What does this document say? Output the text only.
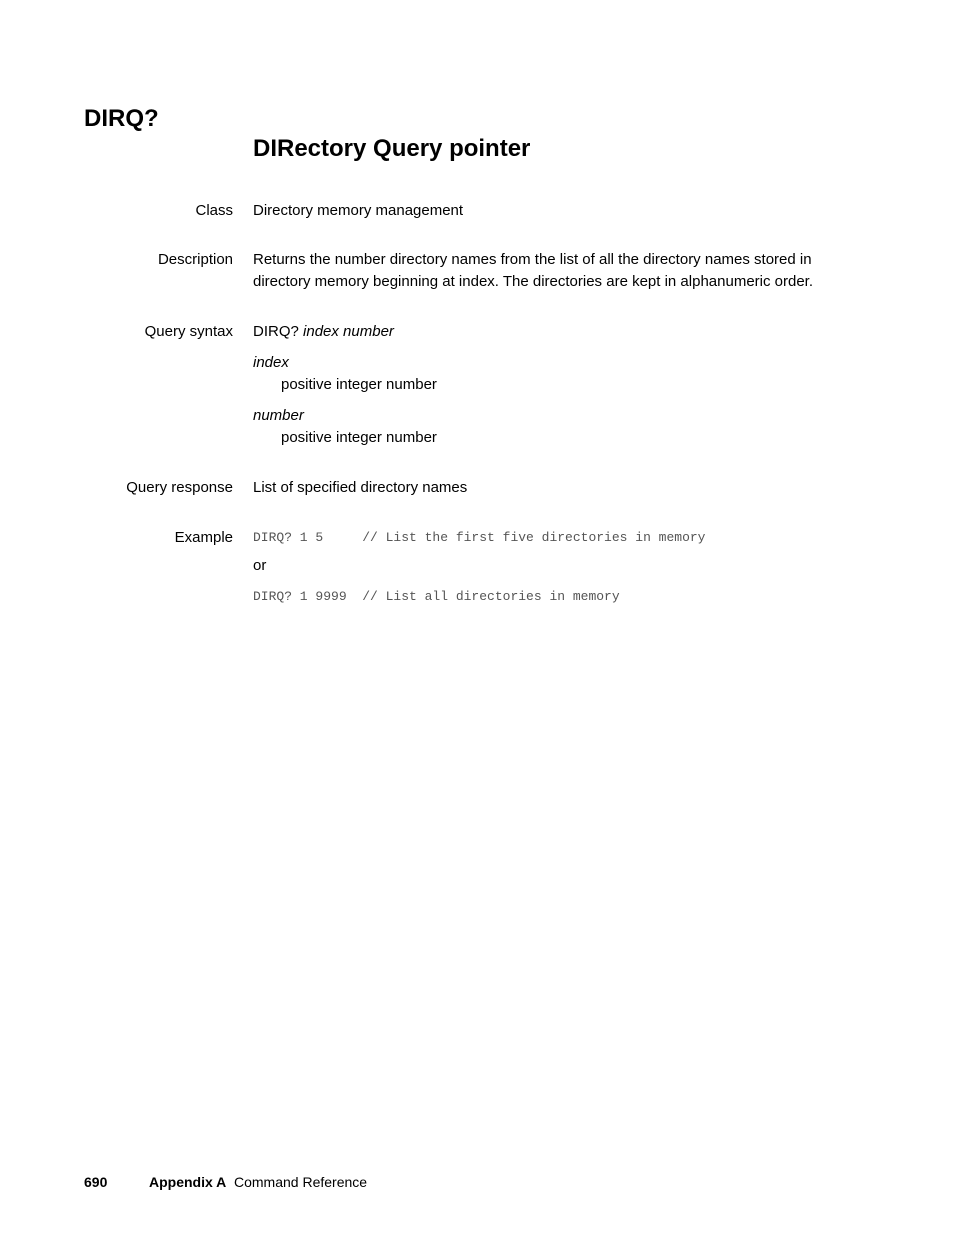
DIRQ?
DIRectory Query pointer
Class Directory memory management

Description Returns the number directory names from the list of all the directory names stored in directory memory beginning at index. The directories are kept in alphanumeric order.

Query syntax DIRQ? index number

index

positive integer number

number

positive integer number

Query response List of specified directory names

Example DIRQ? 1 5     // List the first five directories in memory

or

DIRQ? 1 9999  // List all directories in memory

690	Appendix A Command Reference
